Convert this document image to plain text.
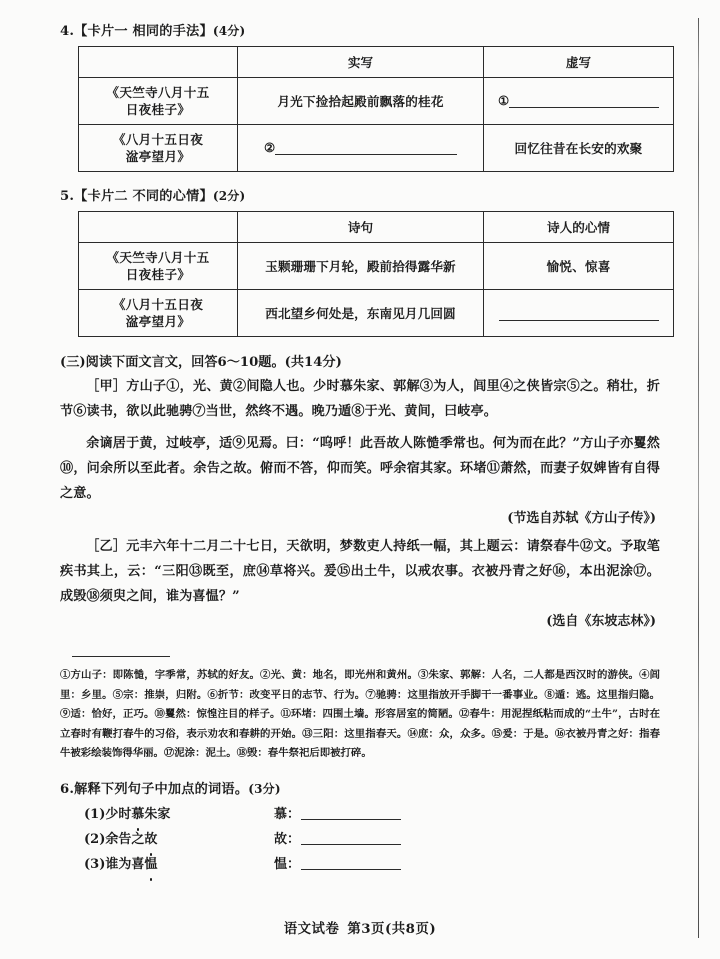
4.【卡片一 相同的手法】(4分)
	实写	虚写
《天竺寺八月十五
日夜桂子》	月光下捡拾起殿前飘落的桂花	①
《八月十五日夜
湓亭望月》	②	回忆往昔在长安的欢聚
5.【卡片二 不同的心情】(2分)
	诗句	诗人的心情
《天竺寺八月十五
日夜桂子》	玉颗珊珊下月轮，殿前拾得露华新	愉悦、惊喜
《八月十五日夜
湓亭望月》	西北望乡何处是，东南见月几回圆	
(三)阅读下面文言文，回答6～10题。(共14分)

［甲］方山子①，光、黄②间隐人也。少时慕朱家、郭解③为人，闾里④之侠皆宗⑤之。稍壮，折节⑥读书，欲以此驰骋⑦当世，然终不遇。晚乃遁⑧于光、黄间，曰岐亭。

余谪居于黄，过岐亭，适⑨见焉。曰：“呜呼！此吾故人陈慥季常也。何为而在此？”方山子亦矍然⑩，问余所以至此者。余告之故。俯而不答，仰而笑。呼余宿其家。环堵⑪萧然，而妻子奴婢皆有自得之意。

(节选自苏轼《方山子传》)

［乙］元丰六年十二月二十七日，天欲明，梦数吏人持纸一幅，其上题云：请祭春牛⑫文。予取笔疾书其上，云：“三阳⑬既至，庶⑭草将兴。爰⑮出土牛，以戒农事。衣被丹青之好⑯，本出泥涂⑰。成毁⑱须臾之间，谁为喜愠？”

(选自《东坡志林》)

①方山子：即陈慥，字季常，苏轼的好友。②光、黄：地名，即光州和黄州。③朱家、郭解：人名，二人都是西汉时的游侠。④闾里：乡里。⑤宗：推崇，归附。⑥折节：改变平日的志节、行为。⑦驰骋：这里指放开手脚干一番事业。⑧遁：逃。这里指归隐。⑨适：恰好，正巧。⑩矍然：惊惶注目的样子。⑪环堵：四围土墙。形容居室的简陋。⑫春牛：用泥捏纸粘而成的“土牛”，古时在立春时有鞭打春牛的习俗，表示劝农和春耕的开始。⑬三阳：这里指春天。⑭庶：众，众多。⑮爰：于是。⑯衣被丹青之好：指春牛被彩绘装饰得华丽。⑰泥涂：泥土。⑱毁：春牛祭祀后即被打碎。

6.解释下列句子中加点的词语。(3分)
(1)少时慕朱家	慕：
(2)余告之故	故：
(3)谁为喜愠	愠：
语文试卷 第3页(共8页)
